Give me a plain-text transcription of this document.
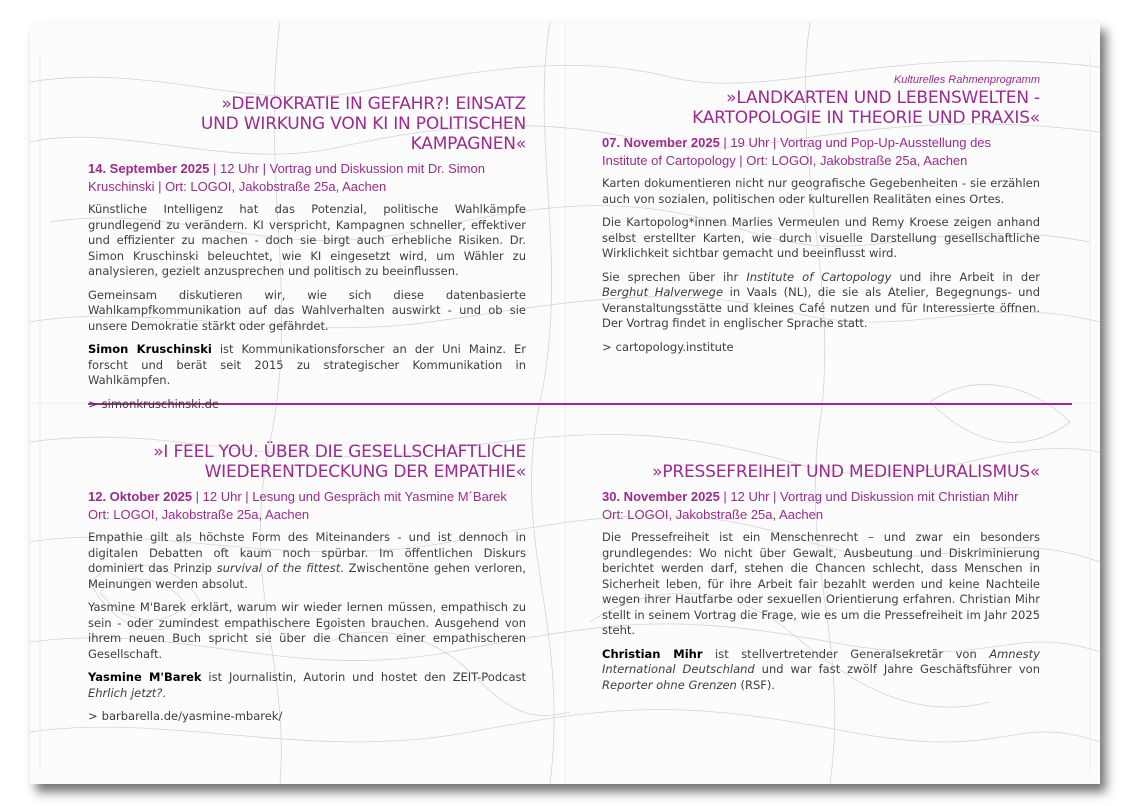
»DEMOKRATIE IN GEFAHR?! EINSATZ
UND WIRKUNG VON KI IN POLITISCHEN KAMPAGNEN«
14. September 2025 | 12 Uhr | Vortrag und Diskussion mit Dr. Simon
Kruschinski | Ort: LOGOI, Jakobstraße 25a, Aachen

Künstliche Intelligenz hat das Potenzial, politische Wahlkämpfe grundlegend zu verändern. KI verspricht, Kampagnen schneller, effektiver und effizienter zu machen - doch sie birgt auch erhebliche Risiken. Dr. Simon Kruschinski beleuchtet, wie KI eingesetzt wird, um Wähler zu analysieren, gezielt anzusprechen und politisch zu beeinflussen.

Gemeinsam diskutieren wir, wie sich diese datenbasierte Wahlkampfkommunikation auf das Wahlverhalten auswirkt - und ob sie unsere Demokratie stärkt oder gefährdet.

Simon Kruschinski ist Kommunikationsforscher an der Uni Mainz. Er forscht und berät seit 2015 zu strategischer Kommunikation in Wahlkämpfen.

> simonkruschinski.de
Kulturelles Rahmenprogramm
»LANDKARTEN UND LEBENSWELTEN -
KARTOPOLOGIE IN THEORIE UND PRAXIS«
07. November 2025 | 19 Uhr | Vortrag und Pop-Up-Ausstellung des
Institute of Cartopology | Ort: LOGOI, Jakobstraße 25a, Aachen

Karten dokumentieren nicht nur geografische Gegebenheiten - sie erzählen auch von sozialen, politischen oder kulturellen Realitäten eines Ortes.

Die Kartopolog*innen Marlies Vermeulen und Remy Kroese zeigen anhand selbst erstellter Karten, wie durch visuelle Darstellung gesellschaftliche Wirklichkeit sichtbar gemacht und beeinflusst wird.

Sie sprechen über ihr Institute of Cartopology und ihre Arbeit in der Berghut Halverwege in Vaals (NL), die sie als Atelier, Begegnungs- und Veranstaltungsstätte und kleines Café nutzen und für Interessierte öffnen. Der Vortrag findet in englischer Sprache statt.

> cartopology.institute
»I FEEL YOU. ÜBER DIE GESELLSCHAFTLICHE
WIEDERENTDECKUNG DER EMPATHIE«
12. Oktober 2025 | 12 Uhr | Lesung und Gespräch mit Yasmine M´Barek
Ort: LOGOI, Jakobstraße 25a, Aachen

Empathie gilt als höchste Form des Miteinanders - und ist dennoch in digitalen Debatten oft kaum noch spürbar. Im öffentlichen Diskurs dominiert das Prinzip survival of the fittest. Zwischentöne gehen verloren, Meinungen werden absolut.

Yasmine M'Barek erklärt, warum wir wieder lernen müssen, empathisch zu sein - oder zumindest empathischere Egoisten brauchen. Ausgehend von ihrem neuen Buch spricht sie über die Chancen einer empathischeren Gesellschaft.

Yasmine M'Barek ist Journalistin, Autorin und hostet den ZEIT-Podcast Ehrlich jetzt?.

> barbarella.de/yasmine-mbarek/
»PRESSEFREIHEIT UND MEDIENPLURALISMUS«
30. November 2025 | 12 Uhr | Vortrag und Diskussion mit Christian Mihr
Ort: LOGOI, Jakobstraße 25a, Aachen

Die Pressefreiheit ist ein Menschenrecht – und zwar ein besonders grundlegendes: Wo nicht über Gewalt, Ausbeutung und Diskriminierung berichtet werden darf, stehen die Chancen schlecht, dass Menschen in Sicherheit leben, für ihre Arbeit fair bezahlt werden und keine Nachteile wegen ihrer Hautfarbe oder sexuellen Orientierung erfahren. Christian Mihr stellt in seinem Vortrag die Frage, wie es um die Pressefreiheit im Jahr 2025 steht.

Christian Mihr ist stellvertretender Generalsekretär von Amnesty International Deutschland und war fast zwölf Jahre Geschäftsführer von Reporter ohne Grenzen (RSF).
